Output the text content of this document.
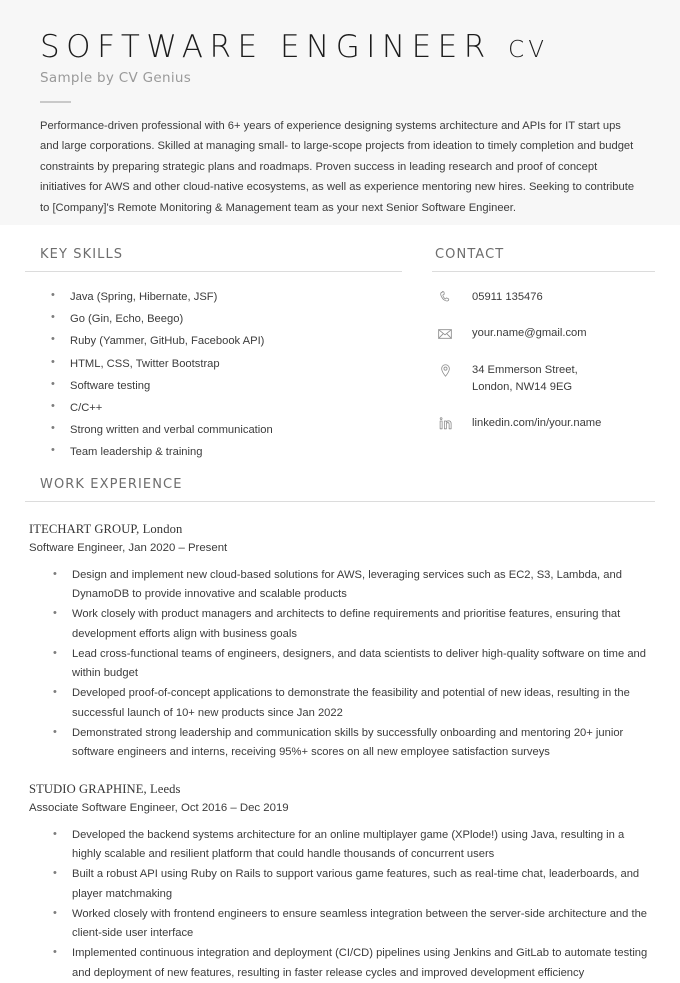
SOFTWARE ENGINEER CV

Sample by CV Genius

Performance-driven professional with 6+ years of experience designing systems architecture and APIs for IT start ups and large corporations. Skilled at managing small- to large-scope projects from ideation to timely completion and budget constraints by preparing strategic plans and roadmaps. Proven success in leading research and proof of concept initiatives for AWS and other cloud-native ecosystems, as well as experience mentoring new hires. Seeking to contribute to [Company]'s Remote Monitoring & Management team as your next Senior Software Engineer.

KEY SKILLS
• Java (Spring, Hibernate, JSF)
• Go (Gin, Echo, Beego)
• Ruby (Yammer, GitHub, Facebook API)
• HTML, CSS, Twitter Bootstrap
• Software testing
• C/C++
• Strong written and verbal communication
• Team leadership & training
CONTACT
05911 135476
your.name@gmail.com
34 Emmerson Street,
London, NW14 9EG
linkedin.com/in/your.name
WORK EXPERIENCE
ITECHART GROUP, London
Software Engineer, Jan 2020 – Present
• Design and implement new cloud-based solutions for AWS, leveraging services such as EC2, S3, Lambda, and DynamoDB to provide innovative and scalable products
• Work closely with product managers and architects to define requirements and prioritise features, ensuring that development efforts align with business goals
• Lead cross-functional teams of engineers, designers, and data scientists to deliver high-quality software on time and within budget
• Developed proof-of-concept applications to demonstrate the feasibility and potential of new ideas, resulting in the successful launch of 10+ new products since Jan 2022
• Demonstrated strong leadership and communication skills by successfully onboarding and mentoring 20+ junior software engineers and interns, receiving 95%+ scores on all new employee satisfaction surveys
STUDIO GRAPHINE, Leeds
Associate Software Engineer, Oct 2016 – Dec 2019
• Developed the backend systems architecture for an online multiplayer game (XPlode!) using Java, resulting in a highly scalable and resilient platform that could handle thousands of concurrent users
• Built a robust API using Ruby on Rails to support various game features, such as real-time chat, leaderboards, and player matchmaking
• Worked closely with frontend engineers to ensure seamless integration between the server-side architecture and the client-side user interface
• Implemented continuous integration and deployment (CI/CD) pipelines using Jenkins and GitLab to automate testing and deployment of new features, resulting in faster release cycles and improved development efficiency
